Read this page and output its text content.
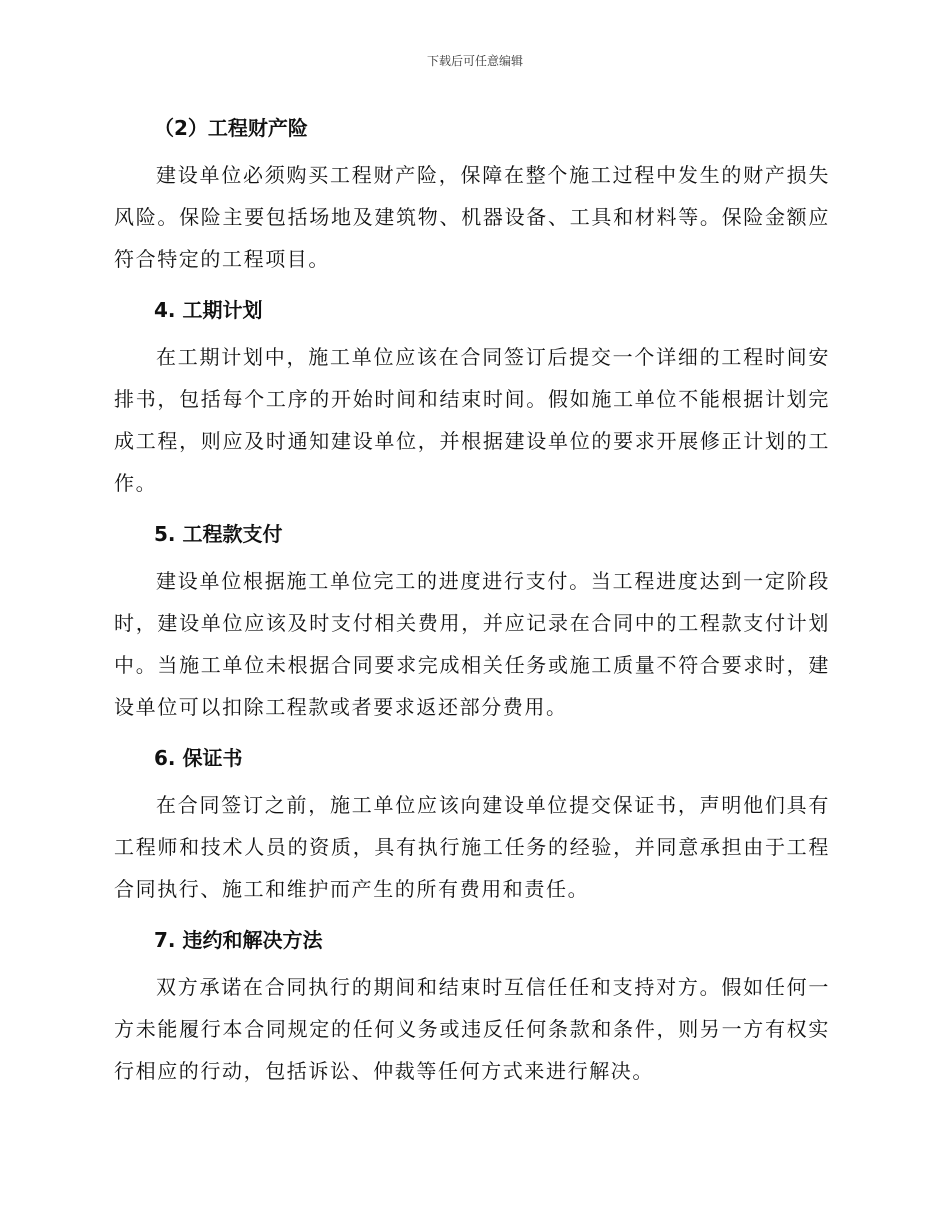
下载后可任意编辑
（2）工程财产险

建设单位必须购买工程财产险，保障在整个施工过程中发生的财产损失风险。保险主要包括场地及建筑物、机器设备、工具和材料等。保险金额应符合特定的工程项目。

4. 工期计划

在工期计划中，施工单位应该在合同签订后提交一个详细的工程时间安排书，包括每个工序的开始时间和结束时间。假如施工单位不能根据计划完成工程，则应及时通知建设单位，并根据建设单位的要求开展修正计划的工作。

5. 工程款支付

建设单位根据施工单位完工的进度进行支付。当工程进度达到一定阶段时，建设单位应该及时支付相关费用，并应记录在合同中的工程款支付计划中。当施工单位未根据合同要求完成相关任务或施工质量不符合要求时，建设单位可以扣除工程款或者要求返还部分费用。

6. 保证书

在合同签订之前，施工单位应该向建设单位提交保证书，声明他们具有工程师和技术人员的资质，具有执行施工任务的经验，并同意承担由于工程合同执行、施工和维护而产生的所有费用和责任。

7. 违约和解决方法

双方承诺在合同执行的期间和结束时互信任任和支持对方。假如任何一方未能履行本合同规定的任何义务或违反任何条款和条件，则另一方有权实行相应的行动，包括诉讼、仲裁等任何方式来进行解决。
